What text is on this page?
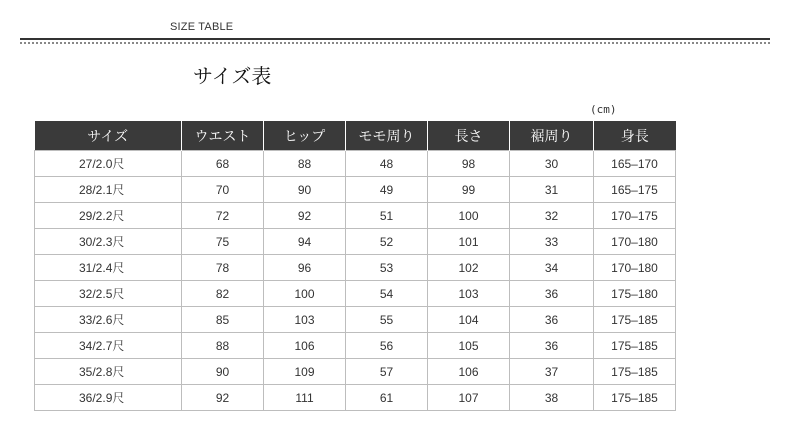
SIZE TABLE
サイズ表
(cm)
サイズ	ウエスト	ヒップ	モモ周り	長さ	裾周り	身長
27/2.0尺	68	88	48	98	30	165–170
28/2.1尺	70	90	49	99	31	165–175
29/2.2尺	72	92	51	100	32	170–175
30/2.3尺	75	94	52	101	33	170–180
31/2.4尺	78	96	53	102	34	170–180
32/2.5尺	82	100	54	103	36	175–180
33/2.6尺	85	103	55	104	36	175–185
34/2.7尺	88	106	56	105	36	175–185
35/2.8尺	90	109	57	106	37	175–185
36/2.9尺	92	111	61	107	38	175–185
